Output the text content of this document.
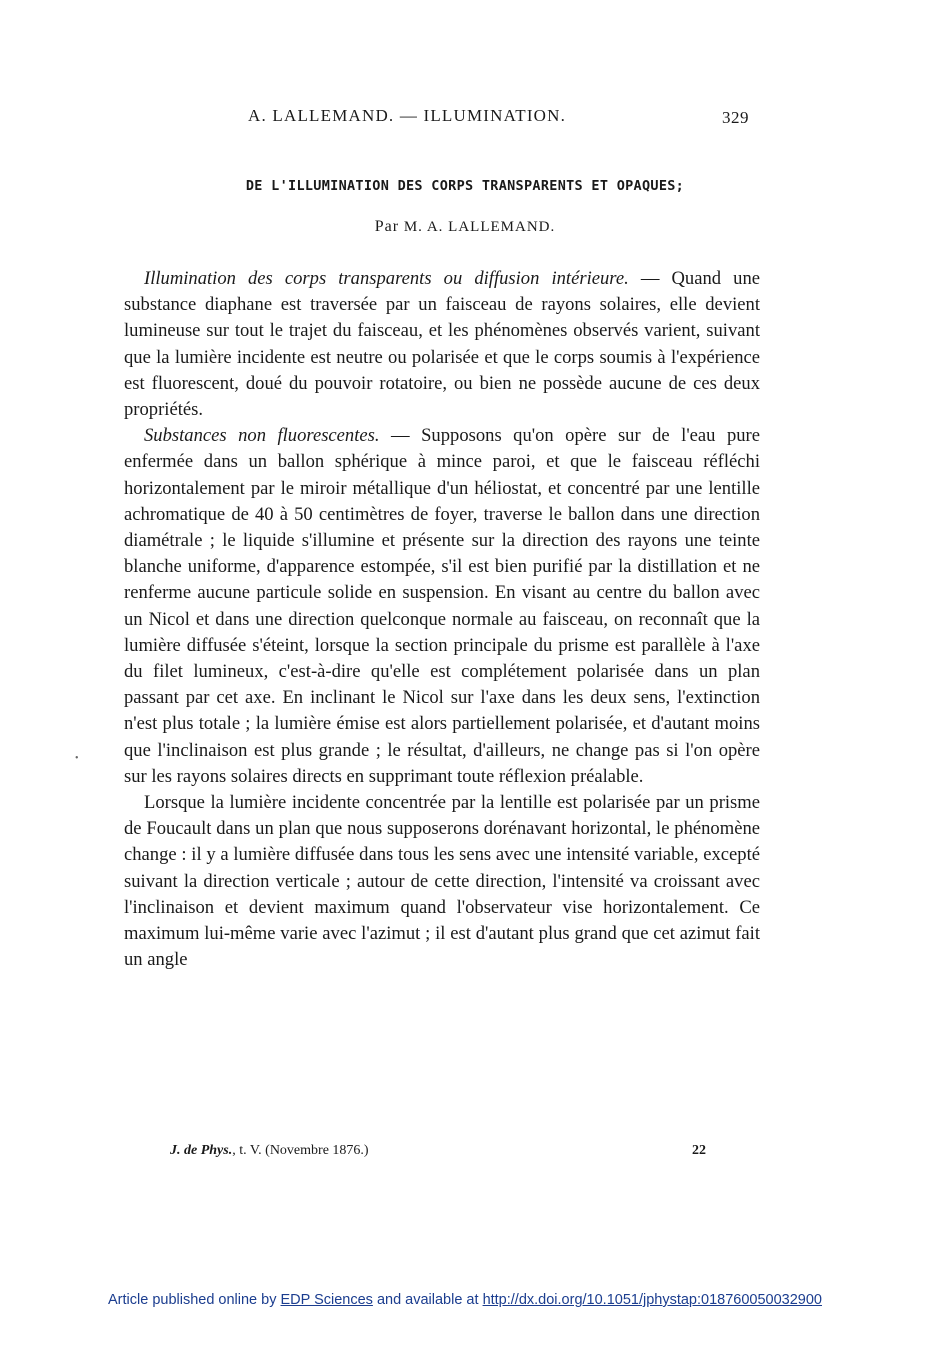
A. LALLEMAND. — ILLUMINATION.	329
DE L'ILLUMINATION DES CORPS TRANSPARENTS ET OPAQUES;
Par M. A. LALLEMAND.

Illumination des corps transparents ou diffusion intérieure. — Quand une substance diaphane est traversée par un faisceau de rayons solaires, elle devient lumineuse sur tout le trajet du faisceau, et les phénomènes observés varient, suivant que la lumière incidente est neutre ou polarisée et que le corps soumis à l'expérience est fluorescent, doué du pouvoir rotatoire, ou bien ne possède aucune de ces deux propriétés.

Substances non fluorescentes. — Supposons qu'on opère sur de l'eau pure enfermée dans un ballon sphérique à mince paroi, et que le faisceau réfléchi horizontalement par le miroir métallique d'un héliostat, et concentré par une lentille achromatique de 40 à 50 centimètres de foyer, traverse le ballon dans une direction diamétrale ; le liquide s'illumine et présente sur la direction des rayons une teinte blanche uniforme, d'apparence estompée, s'il est bien purifié par la distillation et ne renferme aucune particule solide en suspension. En visant au centre du ballon avec un Nicol et dans une direction quelconque normale au faisceau, on reconnaît que la lumière diffusée s'éteint, lorsque la section principale du prisme est parallèle à l'axe du filet lumineux, c'est-à-dire qu'elle est complétement polarisée dans un plan passant par cet axe. En inclinant le Nicol sur l'axe dans les deux sens, l'extinction n'est plus totale ; la lumière émise est alors partiellement polarisée, et d'autant moins que l'inclinaison est plus grande ; le résultat, d'ailleurs, ne change pas si l'on opère sur les rayons solaires directs en supprimant toute réflexion préalable.

Lorsque la lumière incidente concentrée par la lentille est polarisée par un prisme de Foucault dans un plan que nous supposerons dorénavant horizontal, le phénomène change : il y a lumière diffusée dans tous les sens avec une intensité variable, excepté suivant la direction verticale ; autour de cette direction, l'intensité va croissant avec l'inclinaison et devient maximum quand l'observateur vise horizontalement. Ce maximum lui-même varie avec l'azimut ; il est d'autant plus grand que cet azimut fait un angle

•
J. de Phys., t. V. (Novembre 1876.)	22
Article published online by EDP Sciences and available at http://dx.doi.org/10.1051/jphystap:018760050032900
